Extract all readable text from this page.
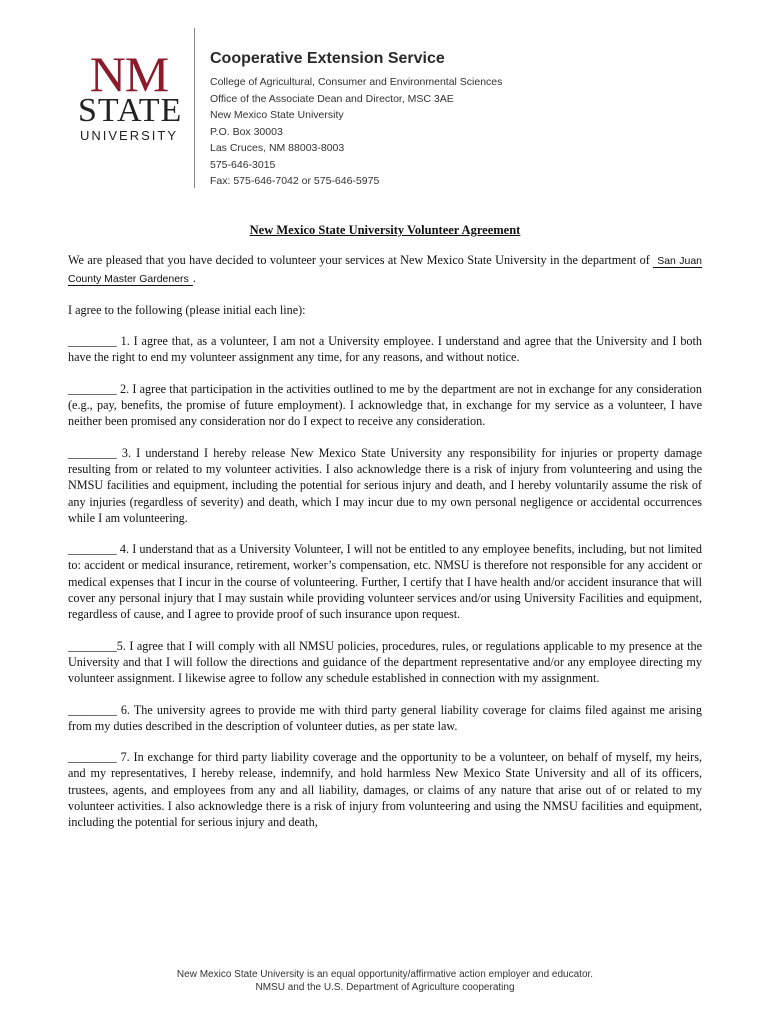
NM
STATE
UNIVERSITY
Cooperative Extension Service
College of Agricultural, Consumer and Environmental Sciences
Office of the Associate Dean and Director, MSC 3AE
New Mexico State University
P.O. Box 30003
Las Cruces, NM 88003-8003
575-646-3015
Fax: 575-646-7042 or 575-646-5975
New Mexico State University Volunteer Agreement

We are pleased that you have decided to volunteer your services at New Mexico State University in the department of San Juan County Master Gardeners .

I agree to the following (please initial each line):

________ 1. I agree that, as a volunteer, I am not a University employee. I understand and agree that the University and I both have the right to end my volunteer assignment any time, for any reasons, and without notice.

________ 2. I agree that participation in the activities outlined to me by the department are not in exchange for any consideration (e.g., pay, benefits, the promise of future employment). I acknowledge that, in exchange for my service as a volunteer, I have neither been promised any consideration nor do I expect to receive any consideration.

________ 3. I understand I hereby release New Mexico State University any responsibility for injuries or property damage resulting from or related to my volunteer activities. I also acknowledge there is a risk of injury from volunteering and using the NMSU facilities and equipment, including the potential for serious injury and death, and I hereby voluntarily assume the risk of any injuries (regardless of severity) and death, which I may incur due to my own personal negligence or accidental occurrences while I am volunteering.

________ 4. I understand that as a University Volunteer, I will not be entitled to any employee benefits, including, but not limited to: accident or medical insurance, retirement, worker’s compensation, etc. NMSU is therefore not responsible for any accident or medical expenses that I incur in the course of volunteering. Further, I certify that I have health and/or accident insurance that will cover any personal injury that I may sustain while providing volunteer services and/or using University Facilities and equipment, regardless of cause, and I agree to provide proof of such insurance upon request.

________5. I agree that I will comply with all NMSU policies, procedures, rules, or regulations applicable to my presence at the University and that I will follow the directions and guidance of the department representative and/or any employee directing my volunteer assignment. I likewise agree to follow any schedule established in connection with my assignment.

________ 6. The university agrees to provide me with third party general liability coverage for claims filed against me arising from my duties described in the description of volunteer duties, as per state law.

________ 7. In exchange for third party liability coverage and the opportunity to be a volunteer, on behalf of myself, my heirs, and my representatives, I hereby release, indemnify, and hold harmless New Mexico State University and all of its officers, trustees, agents, and employees from any and all liability, damages, or claims of any nature that arise out of or related to my volunteer activities. I also acknowledge there is a risk of injury from volunteering and using the NMSU facilities and equipment, including the potential for serious injury and death,

New Mexico State University is an equal opportunity/affirmative action employer and educator.
NMSU and the U.S. Department of Agriculture cooperating
